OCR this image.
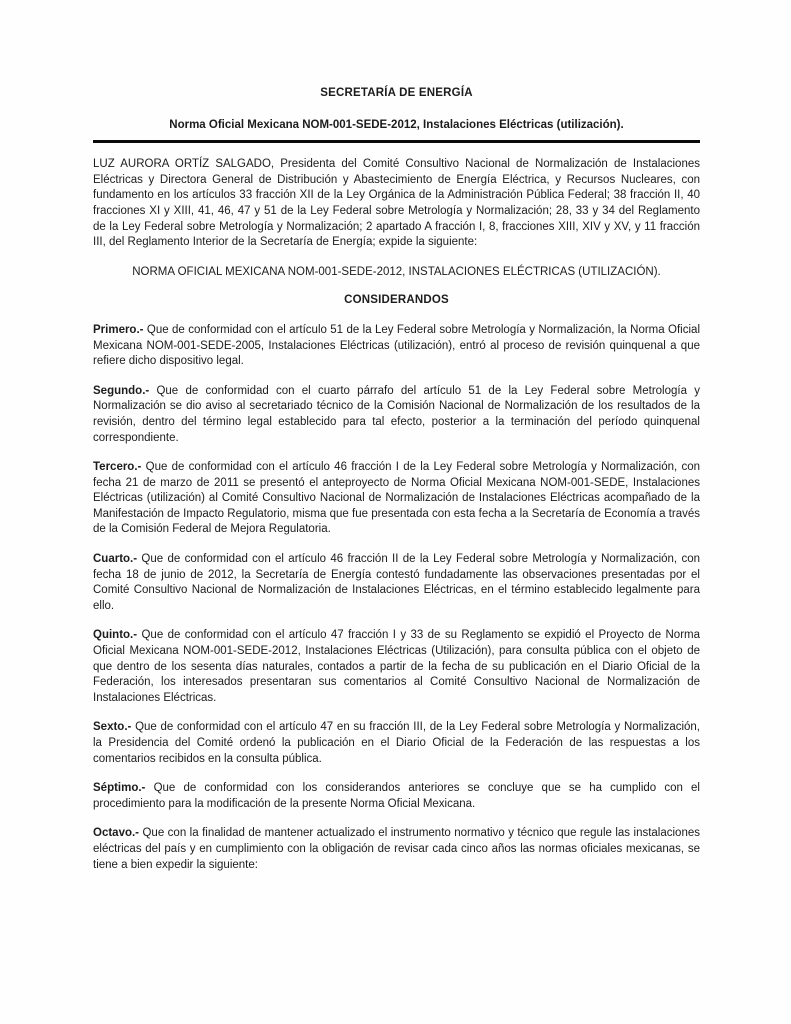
SECRETARÍA DE ENERGÍA
Norma Oficial Mexicana NOM-001-SEDE-2012, Instalaciones Eléctricas (utilización).

LUZ AURORA ORTÍZ SALGADO, Presidenta del Comité Consultivo Nacional de Normalización de Instalaciones Eléctricas y Directora General de Distribución y Abastecimiento de Energía Eléctrica, y Recursos Nucleares, con fundamento en los artículos 33 fracción XII de la Ley Orgánica de la Administración Pública Federal; 38 fracción II, 40 fracciones XI y XIII, 41, 46, 47 y 51 de la Ley Federal sobre Metrología y Normalización; 28, 33 y 34 del Reglamento de la Ley Federal sobre Metrología y Normalización; 2 apartado A fracción I, 8, fracciones XIII, XIV y XV, y 11 fracción III, del Reglamento Interior de la Secretaría de Energía; expide la siguiente:

NORMA OFICIAL MEXICANA NOM-001-SEDE-2012, INSTALACIONES ELÉCTRICAS (UTILIZACIÓN).

CONSIDERANDOS

Primero.- Que de conformidad con el artículo 51 de la Ley Federal sobre Metrología y Normalización, la Norma Oficial Mexicana NOM-001-SEDE-2005, Instalaciones Eléctricas (utilización), entró al proceso de revisión quinquenal a que refiere dicho dispositivo legal.

Segundo.- Que de conformidad con el cuarto párrafo del artículo 51 de la Ley Federal sobre Metrología y Normalización se dio aviso al secretariado técnico de la Comisión Nacional de Normalización de los resultados de la revisión, dentro del término legal establecido para tal efecto, posterior a la terminación del período quinquenal correspondiente.

Tercero.- Que de conformidad con el artículo 46 fracción I de la Ley Federal sobre Metrología y Normalización, con fecha 21 de marzo de 2011 se presentó el anteproyecto de Norma Oficial Mexicana NOM-001-SEDE, Instalaciones Eléctricas (utilización) al Comité Consultivo Nacional de Normalización de Instalaciones Eléctricas acompañado de la Manifestación de Impacto Regulatorio, misma que fue presentada con esta fecha a la Secretaría de Economía a través de la Comisión Federal de Mejora Regulatoria.

Cuarto.- Que de conformidad con el artículo 46 fracción II de la Ley Federal sobre Metrología y Normalización, con fecha 18 de junio de 2012, la Secretaría de Energía contestó fundadamente las observaciones presentadas por el Comité Consultivo Nacional de Normalización de Instalaciones Eléctricas, en el término establecido legalmente para ello.

Quinto.- Que de conformidad con el artículo 47 fracción I y 33 de su Reglamento se expidió el Proyecto de Norma Oficial Mexicana NOM-001-SEDE-2012, Instalaciones Eléctricas (Utilización), para consulta pública con el objeto de que dentro de los sesenta días naturales, contados a partir de la fecha de su publicación en el Diario Oficial de la Federación, los interesados presentaran sus comentarios al Comité Consultivo Nacional de Normalización de Instalaciones Eléctricas.

Sexto.- Que de conformidad con el artículo 47 en su fracción III, de la Ley Federal sobre Metrología y Normalización, la Presidencia del Comité ordenó la publicación en el Diario Oficial de la Federación de las respuestas a los comentarios recibidos en la consulta pública.

Séptimo.- Que de conformidad con los considerandos anteriores se concluye que se ha cumplido con el procedimiento para la modificación de la presente Norma Oficial Mexicana.

Octavo.- Que con la finalidad de mantener actualizado el instrumento normativo y técnico que regule las instalaciones eléctricas del país y en cumplimiento con la obligación de revisar cada cinco años las normas oficiales mexicanas, se tiene a bien expedir la siguiente:
